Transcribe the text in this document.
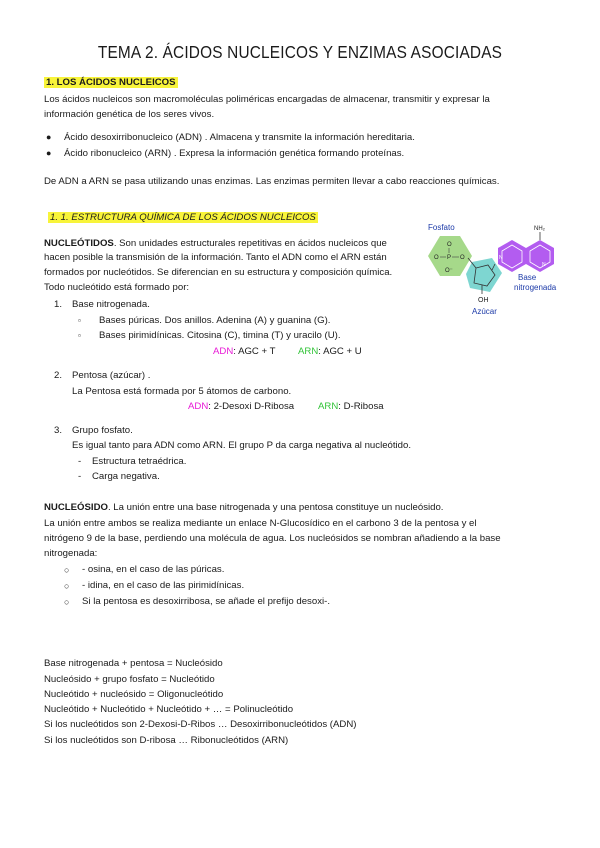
TEMA 2. ÁCIDOS NUCLEICOS Y ENZIMAS ASOCIADAS
1. LOS ÁCIDOS NUCLEICOS
Los ácidos nucleicos son macromoléculas poliméricas encargadas de almacenar, transmitir y expresar la
información genética de los seres vivos.
● Ácido desoxirribonucleico (ADN) . Almacena y transmite la información hereditaria.
● Ácido ribonucleico (ARN) . Expresa la información genética formando proteínas.
De ADN a ARN se pasa utilizando unas enzimas. Las enzimas permiten llevar a cabo reacciones químicas.
1. 1. ESTRUCTURA QUÍMICA DE LOS ÁCIDOS NUCLEICOS
NUCLEÓTIDOS. Son unidades estructurales repetitivas en ácidos nucleicos que
hacen posible la transmisión de la información. Tanto el ADN como el ARN están
formados por nucleótidos. Se diferencian en su estructura y composición química.
Todo nucleótido está formado por:
1. Base nitrogenada.
▫ Bases púricas. Dos anillos. Adenina (A) y guanina (G).
▫ Bases pirimidínicas. Citosina (C), timina (T) y uracilo (U).
ADN: AGC + T ARN: AGC + U
2. Pentosa (azúcar) .
La Pentosa está formada por 5 átomos de carbono.
ADN: 2-Desoxi D-Ribosa ARN: D-Ribosa
3. Grupo fosfato.
Es igual tanto para ADN como ARN. El grupo P da carga negativa al nucleótido.
- Estructura tetraédrica.
- Carga negativa.
Fosfato
O P O
O
O⁻
OH
Azúcar
NH₂
N
N
Base
nitrogenada
NUCLEÓSIDO. La unión entre una base nitrogenada y una pentosa constituye un nucleósido.
La unión entre ambos se realiza mediante un enlace N-Glucosídico en el carbono 3 de la pentosa y el
nitrógeno 9 de la base, perdiendo una molécula de agua. Los nucleósidos se nombran añadiendo a la base
nitrogenada:
○ - osina, en el caso de las púricas.
○ - idina, en el caso de las pirimidínicas.
○ Si la pentosa es desoxirribosa, se añade el prefijo desoxi-.
Base nitrogenada + pentosa = Nucleósido
Nucleósido + grupo fosfato = Nucleótido
Nucleótido + nucleósido = Oligonucleótido
Nucleótido + Nucleótido + Nucleótido + … = Polinucleótido
Si los nucleótidos son 2-Dexosi-D-Ribos … Desoxirribonucleótidos (ADN)
Si los nucleótidos son D-ribosa … Ribonucleótidos (ARN)
